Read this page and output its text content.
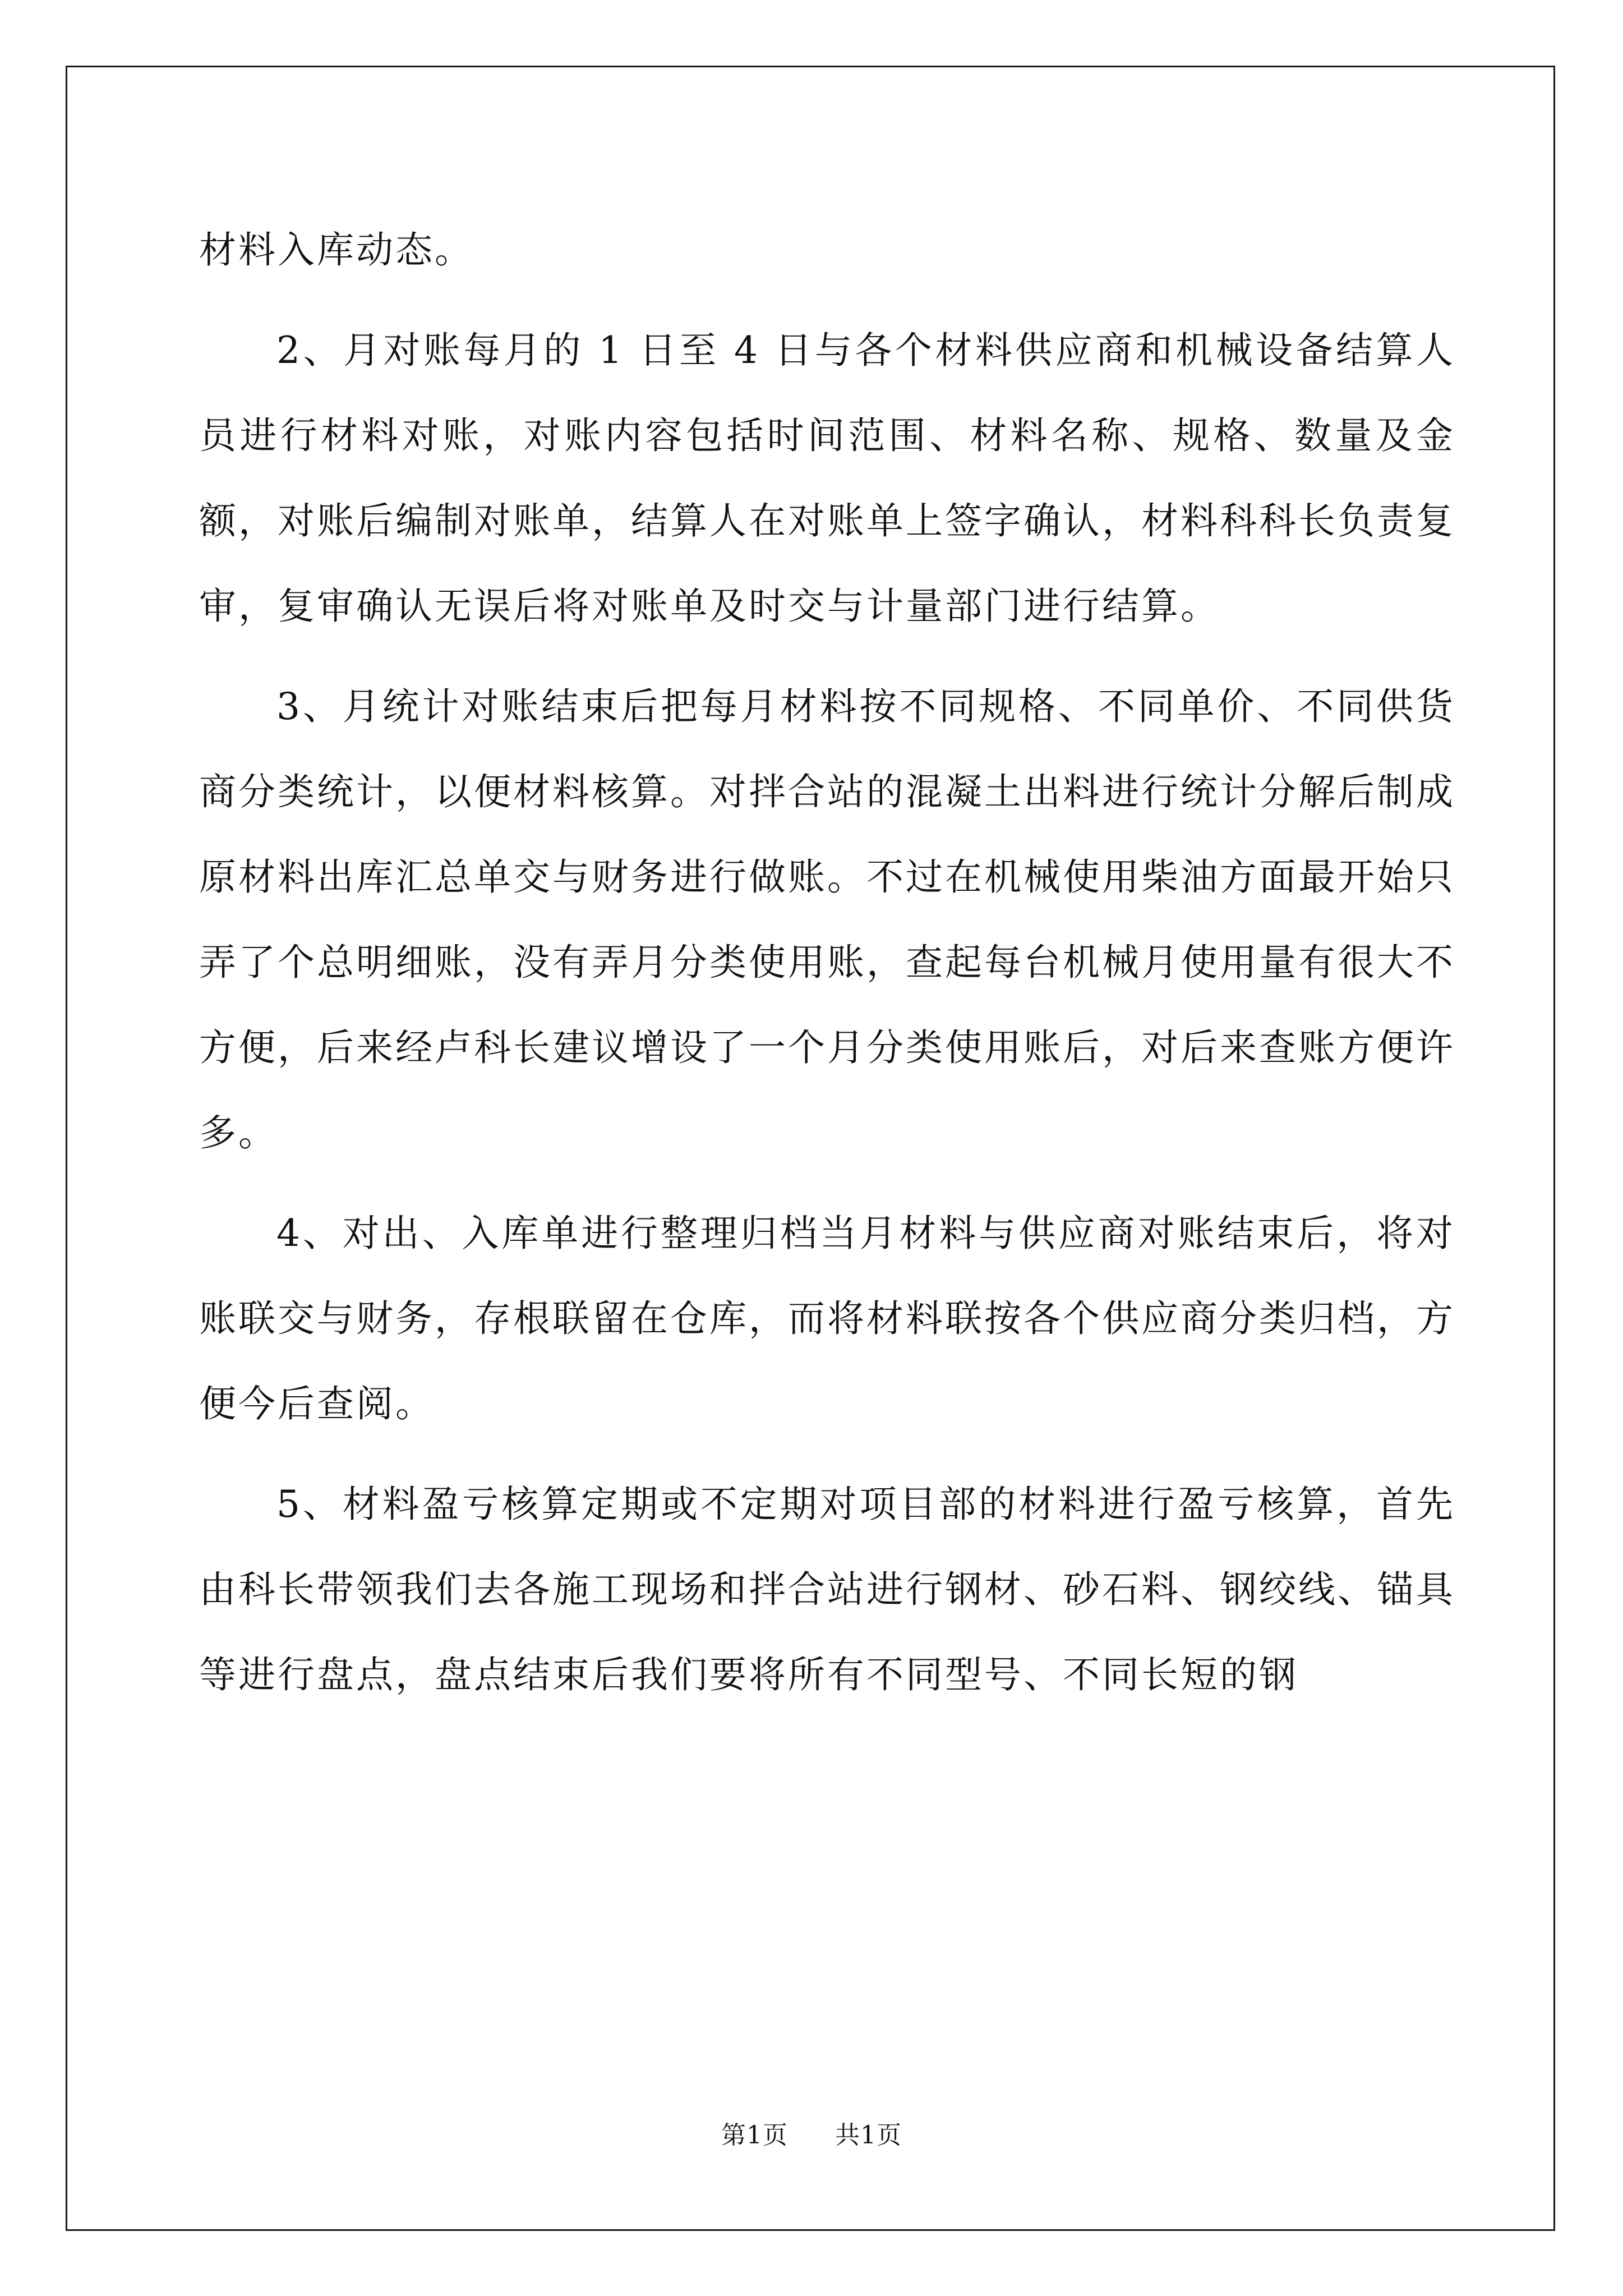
材料入库动态。

2、月对账每月的 1 日至 4 日与各个材料供应商和机械设备结算人员进行材料对账，对账内容包括时间范围、材料名称、规格、数量及金额，对账后编制对账单，结算人在对账单上签字确认，材料科科长负责复审，复审确认无误后将对账单及时交与计量部门进行结算。

3、月统计对账结束后把每月材料按不同规格、不同单价、不同供货商分类统计，以便材料核算。对拌合站的混凝土出料进行统计分解后制成原材料出库汇总单交与财务进行做账。不过在机械使用柴油方面最开始只弄了个总明细账，没有弄月分类使用账，查起每台机械月使用量有很大不方便，后来经卢科长建议增设了一个月分类使用账后，对后来查账方便许多。

4、对出、入库单进行整理归档当月材料与供应商对账结束后，将对账联交与财务，存根联留在仓库，而将材料联按各个供应商分类归档，方便今后查阅。

5、材料盈亏核算定期或不定期对项目部的材料进行盈亏核算，首先由科长带领我们去各施工现场和拌合站进行钢材、砂石料、钢绞线、锚具等进行盘点，盘点结束后我们要将所有不同型号、不同长短的钢

第1页 共1页
